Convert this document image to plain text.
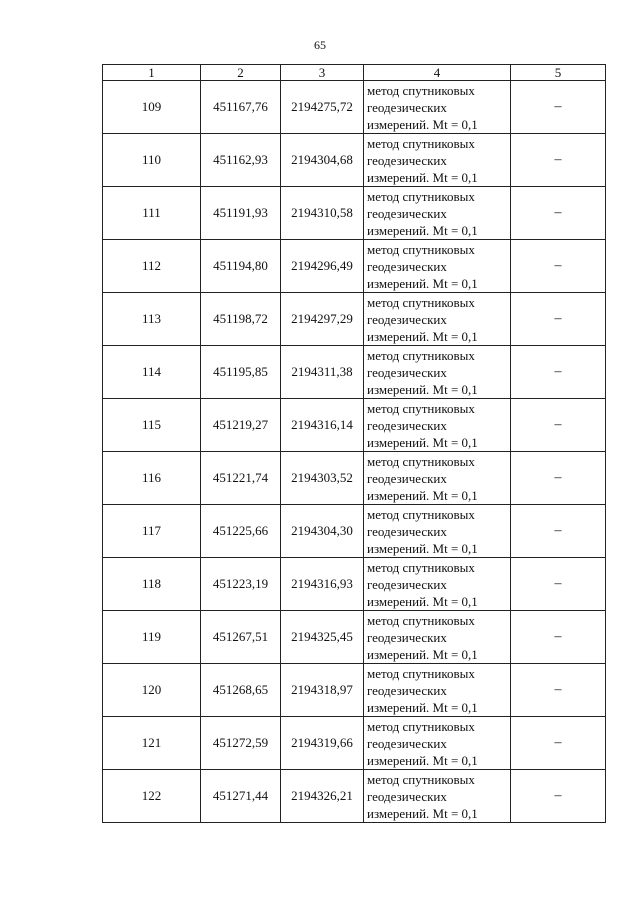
65
1	2	3	4	5
109	451167,76	2194275,72	метод спутниковых
геодезических
измерений. Mt = 0,1	–
110	451162,93	2194304,68	метод спутниковых
геодезических
измерений. Mt = 0,1	–
111	451191,93	2194310,58	метод спутниковых
геодезических
измерений. Mt = 0,1	–
112	451194,80	2194296,49	метод спутниковых
геодезических
измерений. Mt = 0,1	–
113	451198,72	2194297,29	метод спутниковых
геодезических
измерений. Mt = 0,1	–
114	451195,85	2194311,38	метод спутниковых
геодезических
измерений. Mt = 0,1	–
115	451219,27	2194316,14	метод спутниковых
геодезических
измерений. Mt = 0,1	–
116	451221,74	2194303,52	метод спутниковых
геодезических
измерений. Mt = 0,1	–
117	451225,66	2194304,30	метод спутниковых
геодезических
измерений. Mt = 0,1	–
118	451223,19	2194316,93	метод спутниковых
геодезических
измерений. Mt = 0,1	–
119	451267,51	2194325,45	метод спутниковых
геодезических
измерений. Mt = 0,1	–
120	451268,65	2194318,97	метод спутниковых
геодезических
измерений. Mt = 0,1	–
121	451272,59	2194319,66	метод спутниковых
геодезических
измерений. Mt = 0,1	–
122	451271,44	2194326,21	метод спутниковых
геодезических
измерений. Mt = 0,1	–
